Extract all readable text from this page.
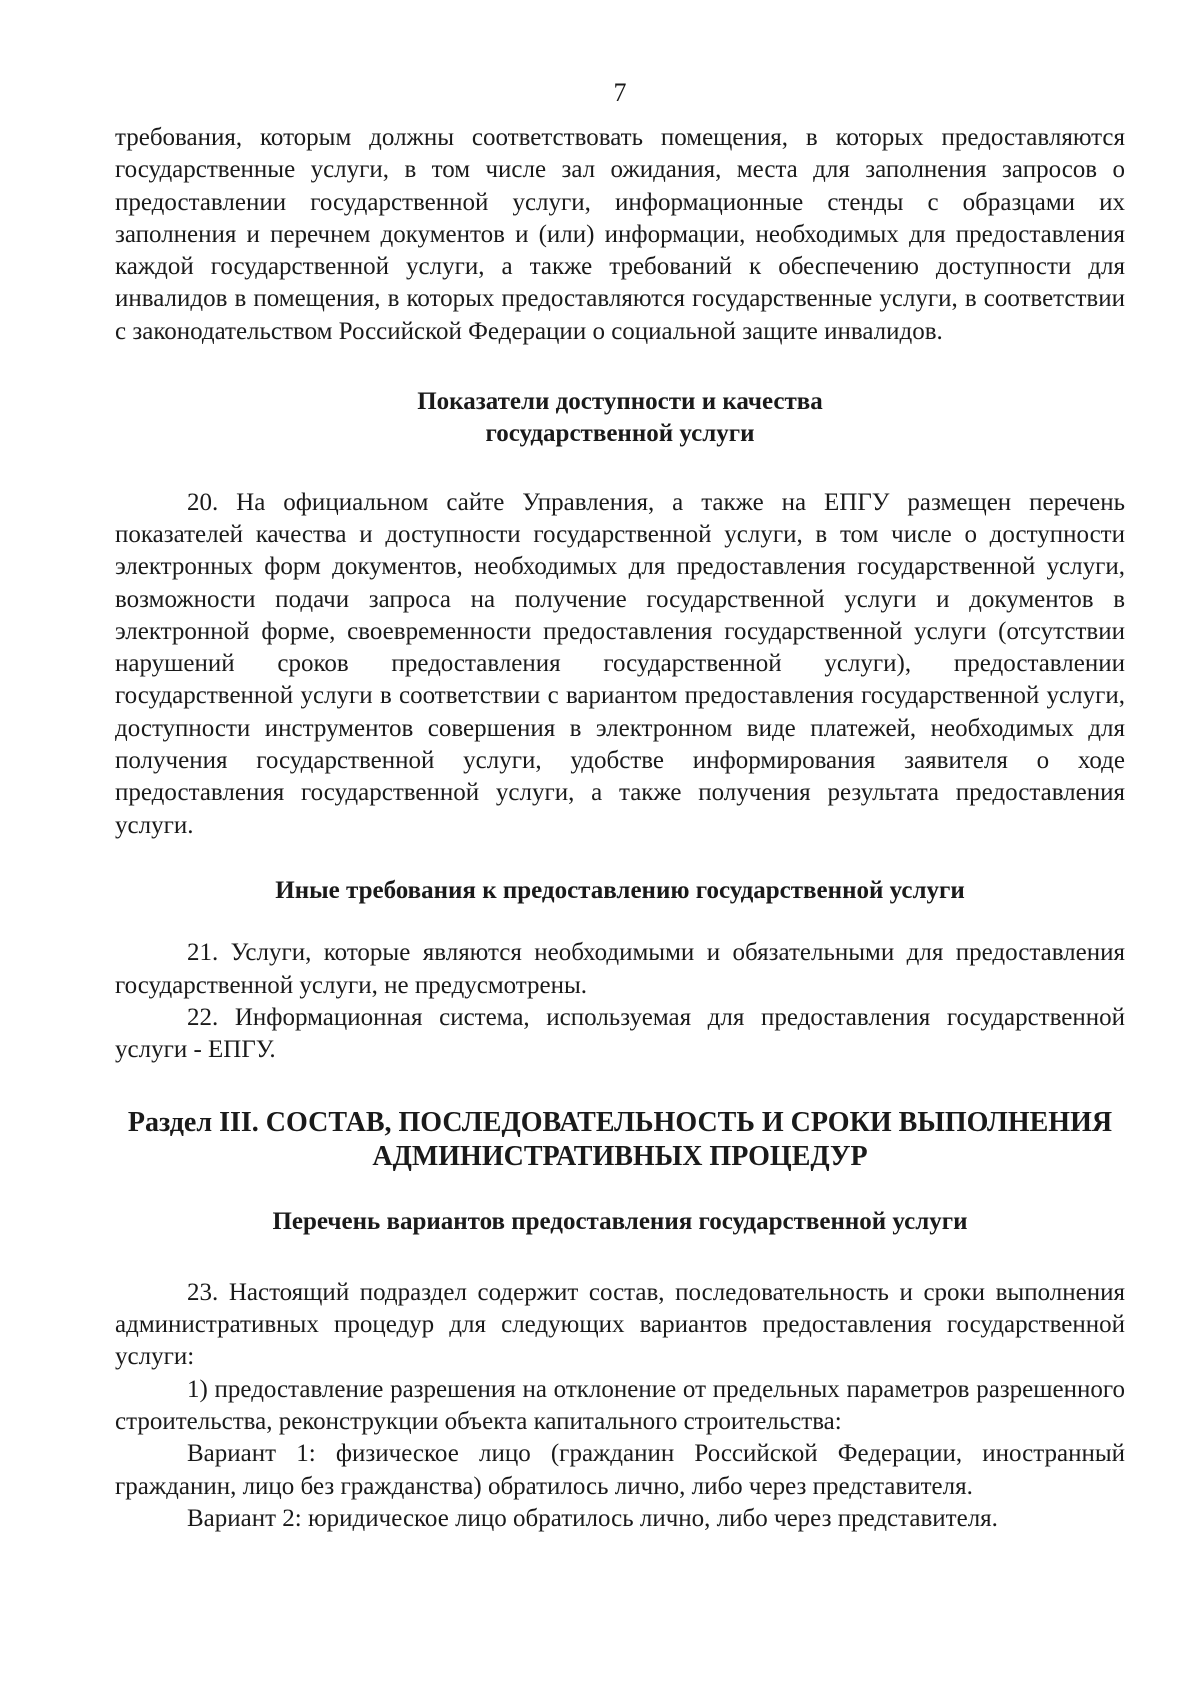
7

требования, которым должны соответствовать помещения, в которых предоставляются государственные услуги, в том числе зал ожидания, места для заполнения запросов о предоставлении государственной услуги, информационные стенды с образцами их заполнения и перечнем документов и (или) информации, необходимых для предоставления каждой государственной услуги, а также требований к обеспечению доступности для инвалидов в помещения, в которых предоставляются государственные услуги, в соответствии с законодательством Российской Федерации о социальной защите инвалидов.

Показатели доступности и качества

государственной услуги

20. На официальном сайте Управления, а также на ЕПГУ размещен перечень показателей качества и доступности государственной услуги, в том числе о доступности электронных форм документов, необходимых для предоставления государственной услуги, возможности подачи запроса на получение государственной услуги и документов в электронной форме, своевременности предоставления государственной услуги (отсутствии нарушений сроков предоставления государственной услуги), предоставлении государственной услуги в соответствии с вариантом предоставления государственной услуги, доступности инструментов совершения в электронном виде платежей, необходимых для получения государственной услуги, удобстве информирования заявителя о ходе предоставления государственной услуги, а также получения результата предоставления услуги.

Иные требования к предоставлению государственной услуги

21. Услуги, которые являются необходимыми и обязательными для предоставления государственной услуги, не предусмотрены.

22. Информационная система, используемая для предоставления государственной услуги - ЕПГУ.

Раздел III. СОСТАВ, ПОСЛЕДОВАТЕЛЬНОСТЬ И СРОКИ ВЫПОЛНЕНИЯ

АДМИНИСТРАТИВНЫХ ПРОЦЕДУР

Перечень вариантов предоставления государственной услуги

23. Настоящий подраздел содержит состав, последовательность и сроки выполнения административных процедур для следующих вариантов предоставления государственной услуги:

1) предоставление разрешения на отклонение от предельных параметров разрешенного строительства, реконструкции объекта капитального строительства:

Вариант 1: физическое лицо (гражданин Российской Федерации, иностранный гражданин, лицо без гражданства) обратилось лично, либо через представителя.

Вариант 2: юридическое лицо обратилось лично, либо через представителя.
